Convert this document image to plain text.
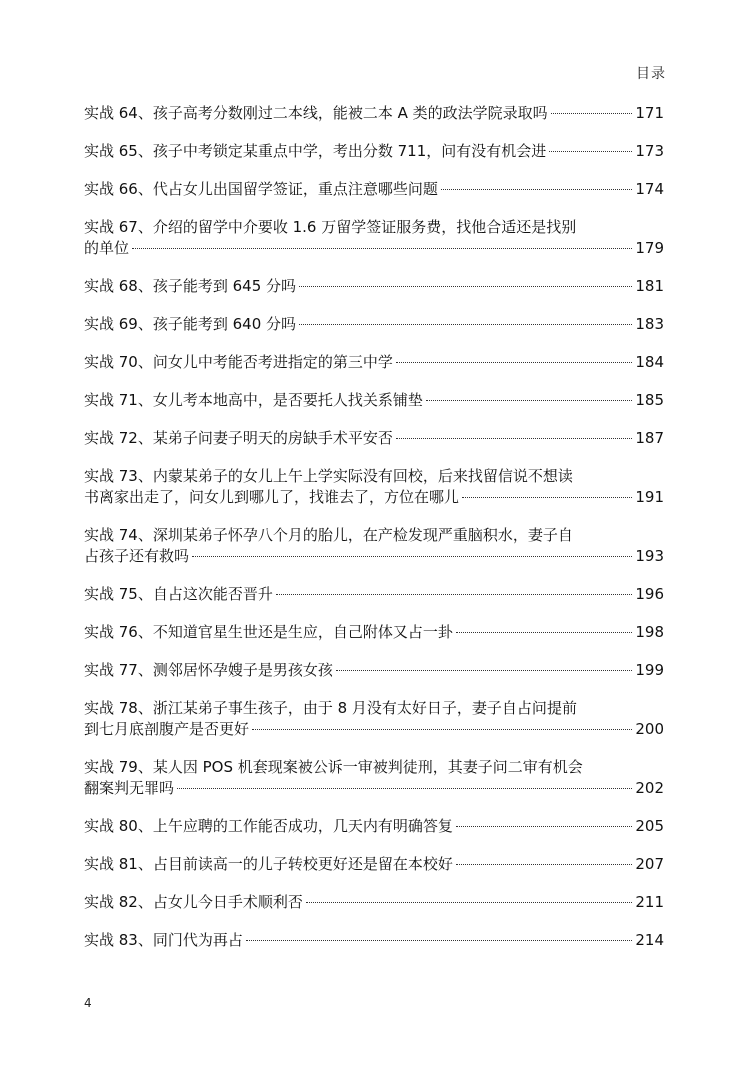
目录
实战 64、孩子高考分数刚过二本线，能被二本 A 类的政法学院录取吗	171
实战 65、孩子中考锁定某重点中学，考出分数 711，问有没有机会进	173
实战 66、代占女儿出国留学签证，重点注意哪些问题	174
实战 67、介绍的留学中介要收 1.6 万留学签证服务费，找他合适还是找别
的单位	179
实战 68、孩子能考到 645 分吗	181
实战 69、孩子能考到 640 分吗	183
实战 70、问女儿中考能否考进指定的第三中学	184
实战 71、女儿考本地高中，是否要托人找关系铺垫	185
实战 72、某弟子问妻子明天的房缺手术平安否	187
实战 73、内蒙某弟子的女儿上午上学实际没有回校，后来找留信说不想读
书离家出走了，问女儿到哪儿了，找谁去了，方位在哪儿	191
实战 74、深圳某弟子怀孕八个月的胎儿，在产检发现严重脑积水，妻子自
占孩子还有救吗	193
实战 75、自占这次能否晋升	196
实战 76、不知道官星生世还是生应，自己附体又占一卦	198
实战 77、测邻居怀孕嫂子是男孩女孩	199
实战 78、浙江某弟子事生孩子，由于 8 月没有太好日子，妻子自占问提前
到七月底剖腹产是否更好	200
实战 79、某人因 POS 机套现案被公诉一审被判徒刑，其妻子问二审有机会
翻案判无罪吗	202
实战 80、上午应聘的工作能否成功，几天内有明确答复	205
实战 81、占目前读高一的儿子转校更好还是留在本校好	207
实战 82、占女儿今日手术顺利否	211
实战 83、同门代为再占	214
4
